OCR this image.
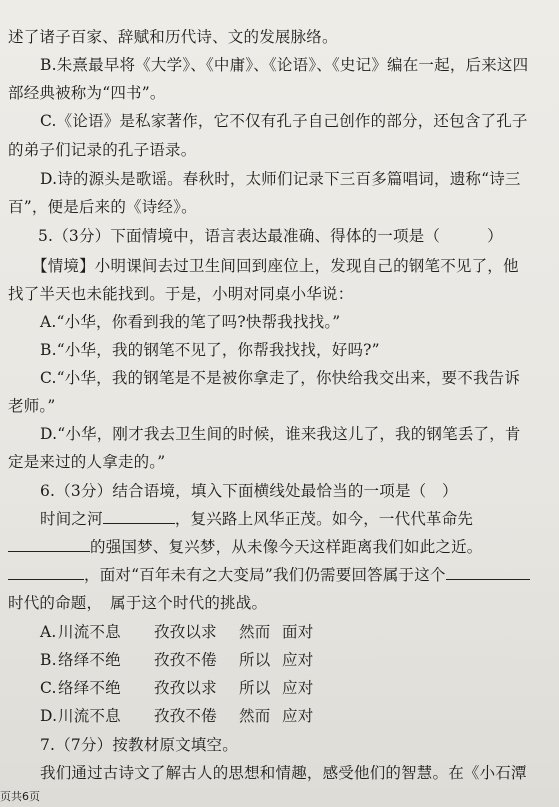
述了诸子百家、辞赋和历代诗、文的发展脉络。
B.朱熹最早将《大学》、《中庸》、《论语》、《史记》编在一起，后来这四
部经典被称为“四书”。
C.《论语》是私家著作，它不仅有孔子自己创作的部分，还包含了孔子
的弟子们记录的孔子语录。
D.诗的源头是歌谣。春秋时，太师们记录下三百多篇唱词，遗称“诗三
百”，便是后来的《诗经》。
5.（3分）下面情境中，语言表达最准确、得体的一项是（　　　）
【情境】小明课间去过卫生间回到座位上，发现自己的钢笔不见了，他
找了半天也未能找到。于是，小明对同桌小华说：
A.“小华，你看到我的笔了吗?快帮我找找。”
B.“小华，我的钢笔不见了，你帮我找找，好吗?”
C.“小华，我的钢笔是不是被你拿走了，你快给我交出来，要不我告诉
老师。”
D.“小华，刚才我去卫生间的时候，谁来我这儿了，我的钢笔丢了，肯
定是来过的人拿走的。”
6.（3分）结合语境，填入下面横线处最恰当的一项是（　）
时间之河	，复兴路上风华正茂。如今，一代代革命先
的强国梦、复兴梦，从未像今天这样距离我们如此之近。
，面对“百年未有之大变局”我们仍需要回答属于这个
时代的命题，　属于这个时代的挑战。
A.川流不息 孜孜以求 然而 面对
B.络绎不绝 孜孜不倦 所以 应对
C.络绎不绝 孜孜以求 所以 应对
D.川流不息 孜孜不倦 然而 应对
7.（7分）按教材原文填空。
我们通过古诗文了解古人的思想和情趣，感受他们的智慧。在《小石潭
页共6页
